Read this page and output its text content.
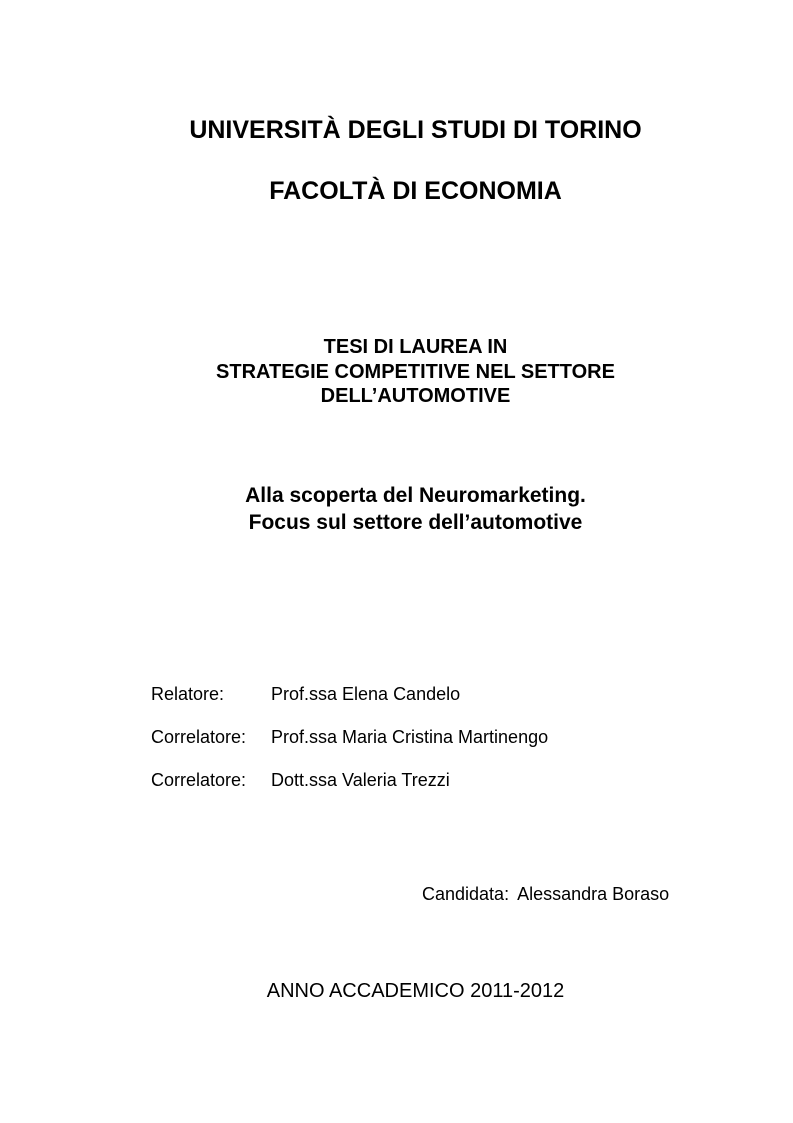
UNIVERSITÀ DEGLI STUDI DI TORINO
FACOLTÀ DI ECONOMIA
TESI DI LAUREA IN
STRATEGIE COMPETITIVE NEL SETTORE
DELL’AUTOMOTIVE
Alla scoperta del Neuromarketing.
Focus sul settore dell’automotive
Relatore:	Prof.ssa Elena Candelo
Correlatore: Prof.ssa Maria Cristina Martinengo
Correlatore: Dott.ssa Valeria Trezzi
Candidata: Alessandra Boraso
ANNO ACCADEMICO 2011-2012
